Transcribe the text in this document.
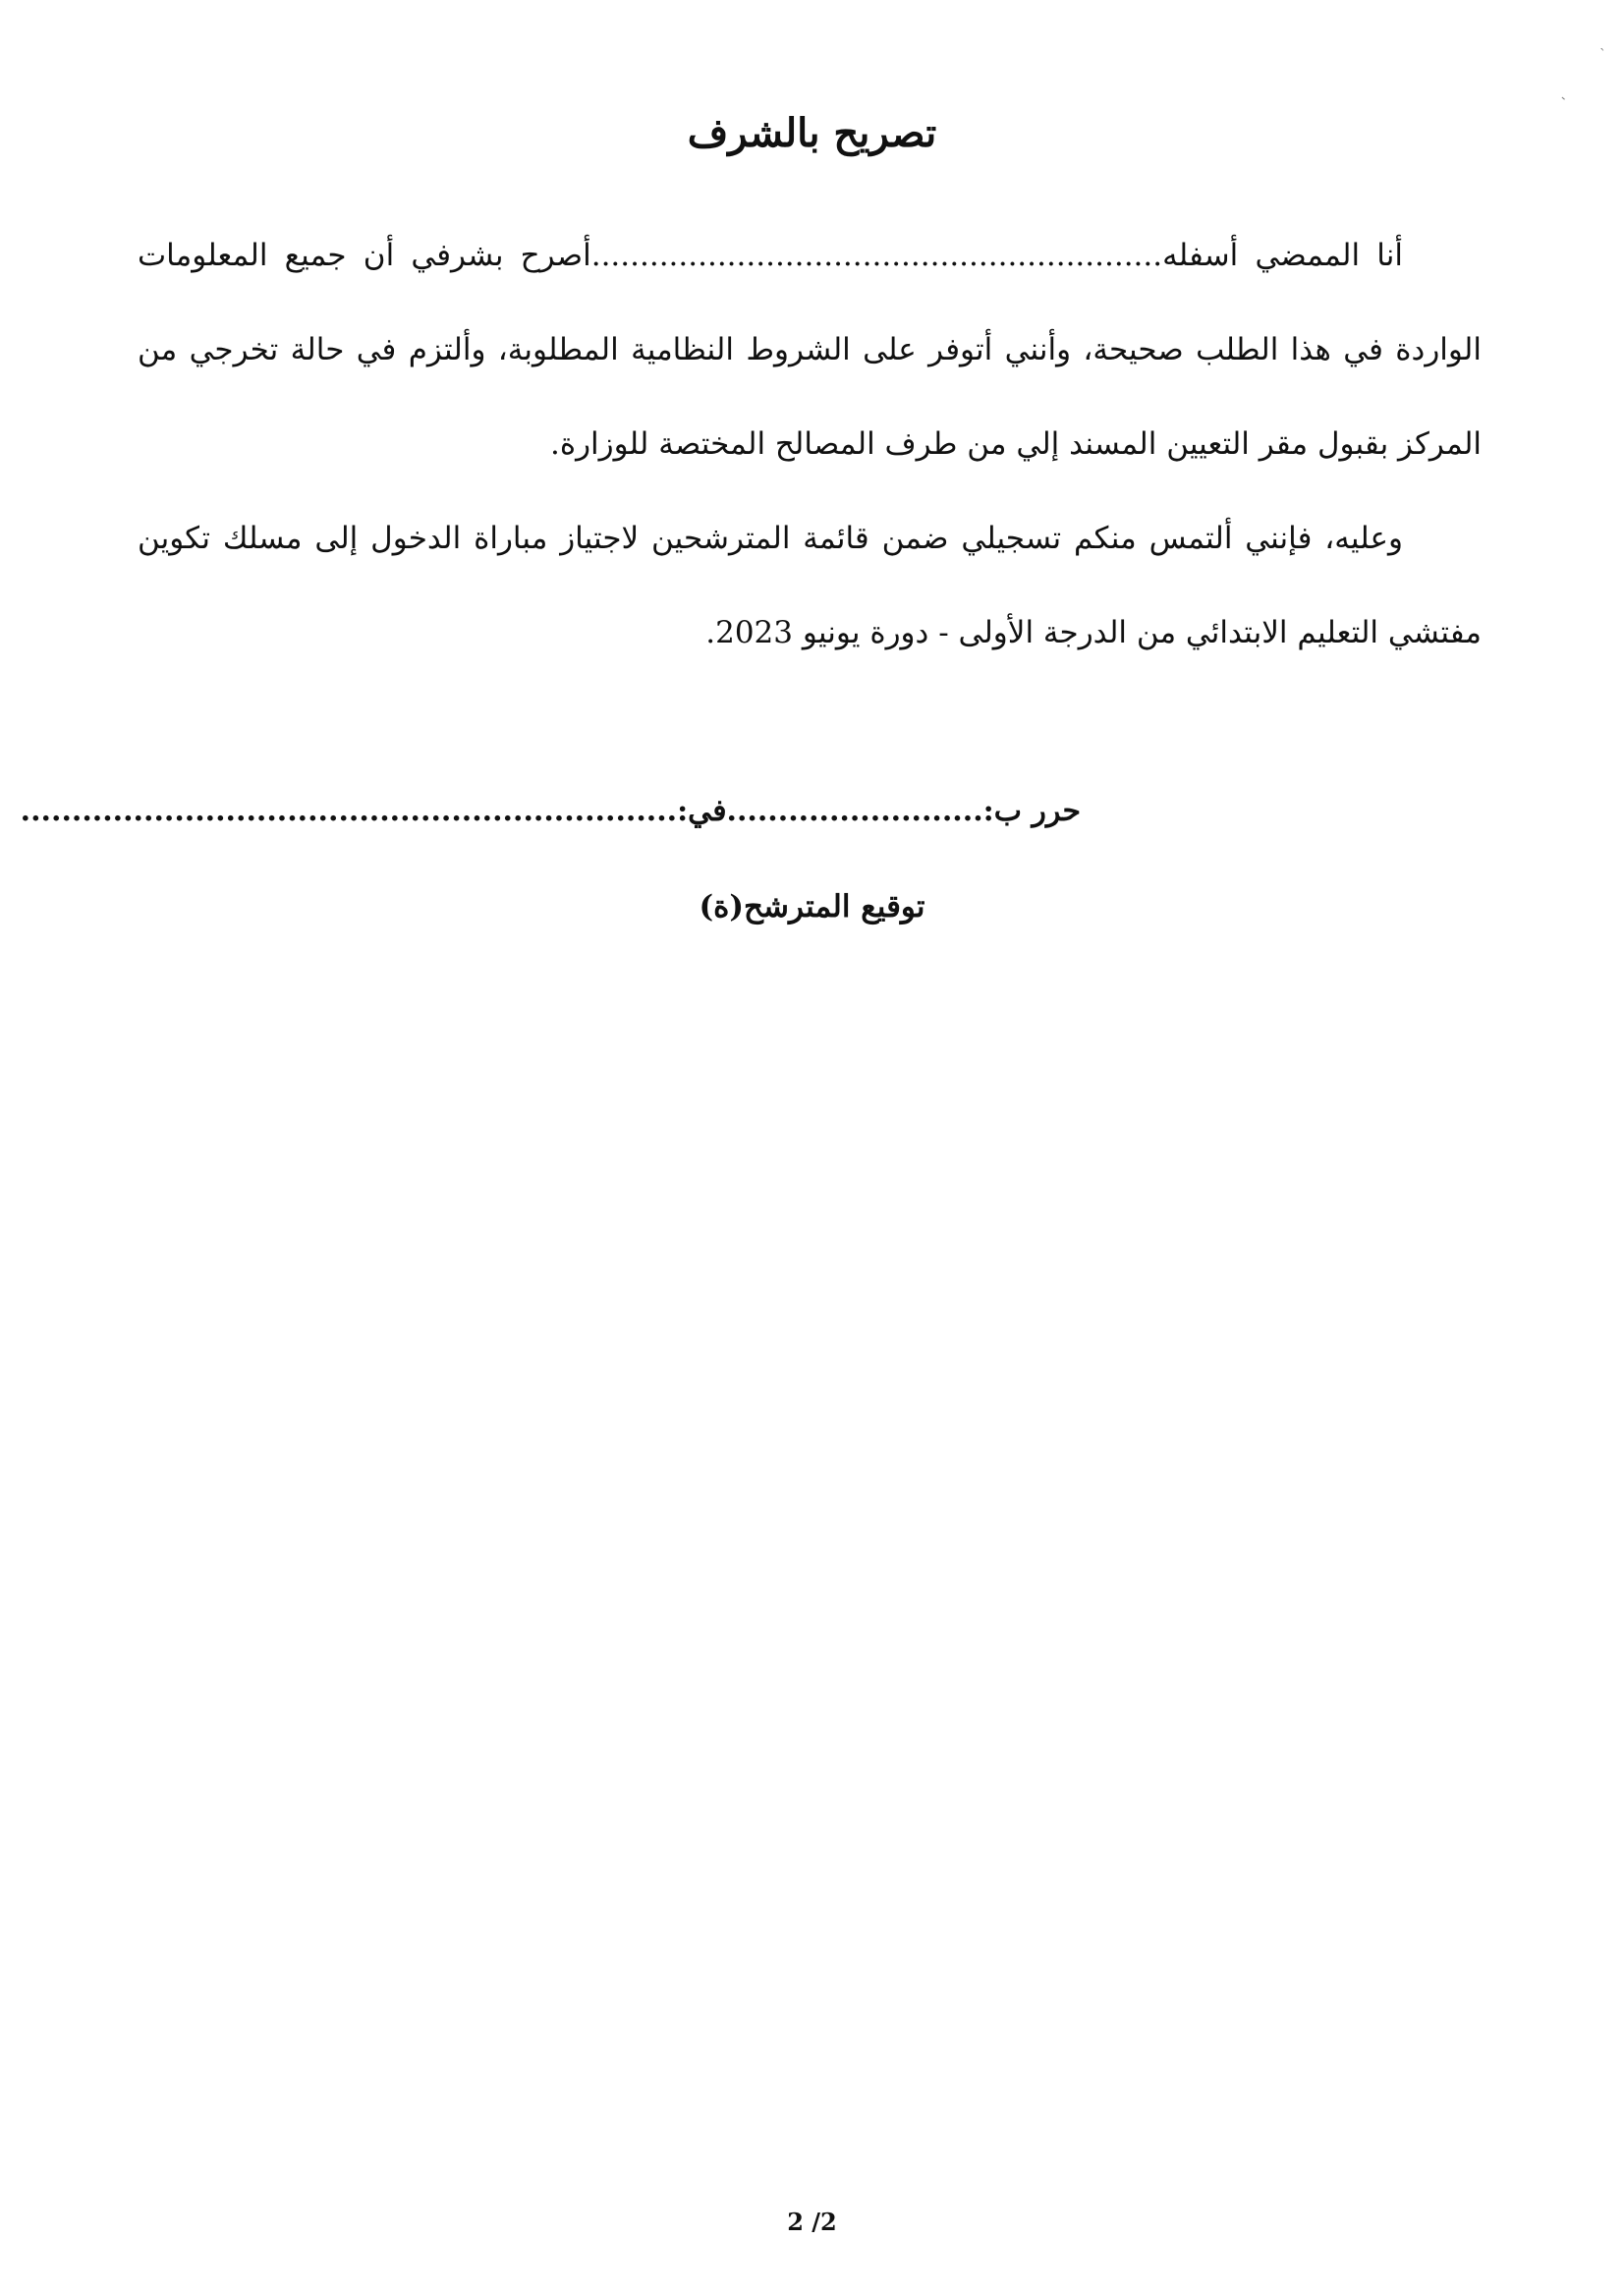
`
-
تصريح بالشرف

أنا الممضي أسفله...........................................................أصرح بشرفي أن جميع المعلومات الواردة في هذا الطلب صحيحة، وأنني أتوفر على الشروط النظامية المطلوبة، وألتزم في حالة تخرجي من المركز بقبول مقر التعيين المسند إلي من طرف المصالح المختصة للوزارة.

وعليه، فإنني ألتمس منكم تسجيلي ضمن قائمة المترشحين لاجتياز مباراة الدخول إلى مسلك تكوين مفتشي التعليم الابتدائي من الدرجة الأولى - دورة يونيو 2023.

حرر ب:.........................في:................................................................
توقيع المترشح(ة)
2 /2
